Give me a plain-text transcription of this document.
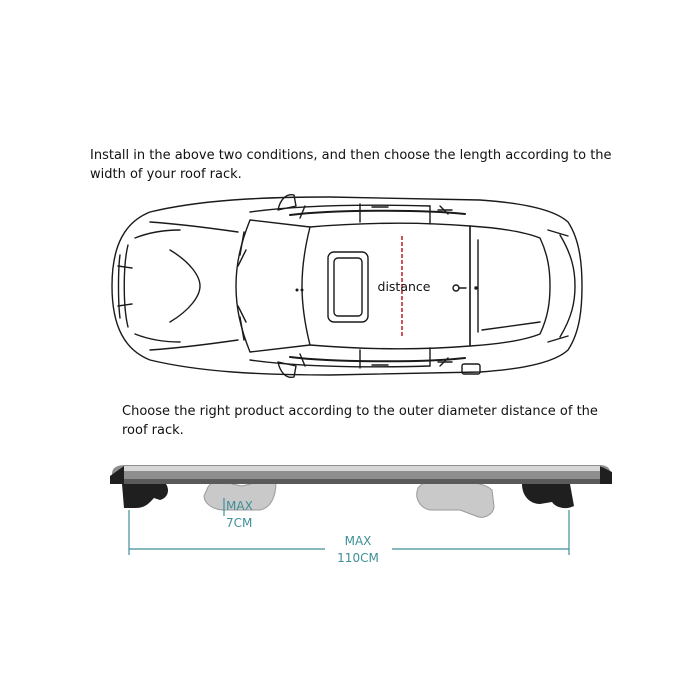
Install in the above two conditions, and then choose the length according to the width of your roof rack.

distance
MAX
7CM
MAX
110CM

Choose the right product according to the outer diameter distance of the roof rack.
